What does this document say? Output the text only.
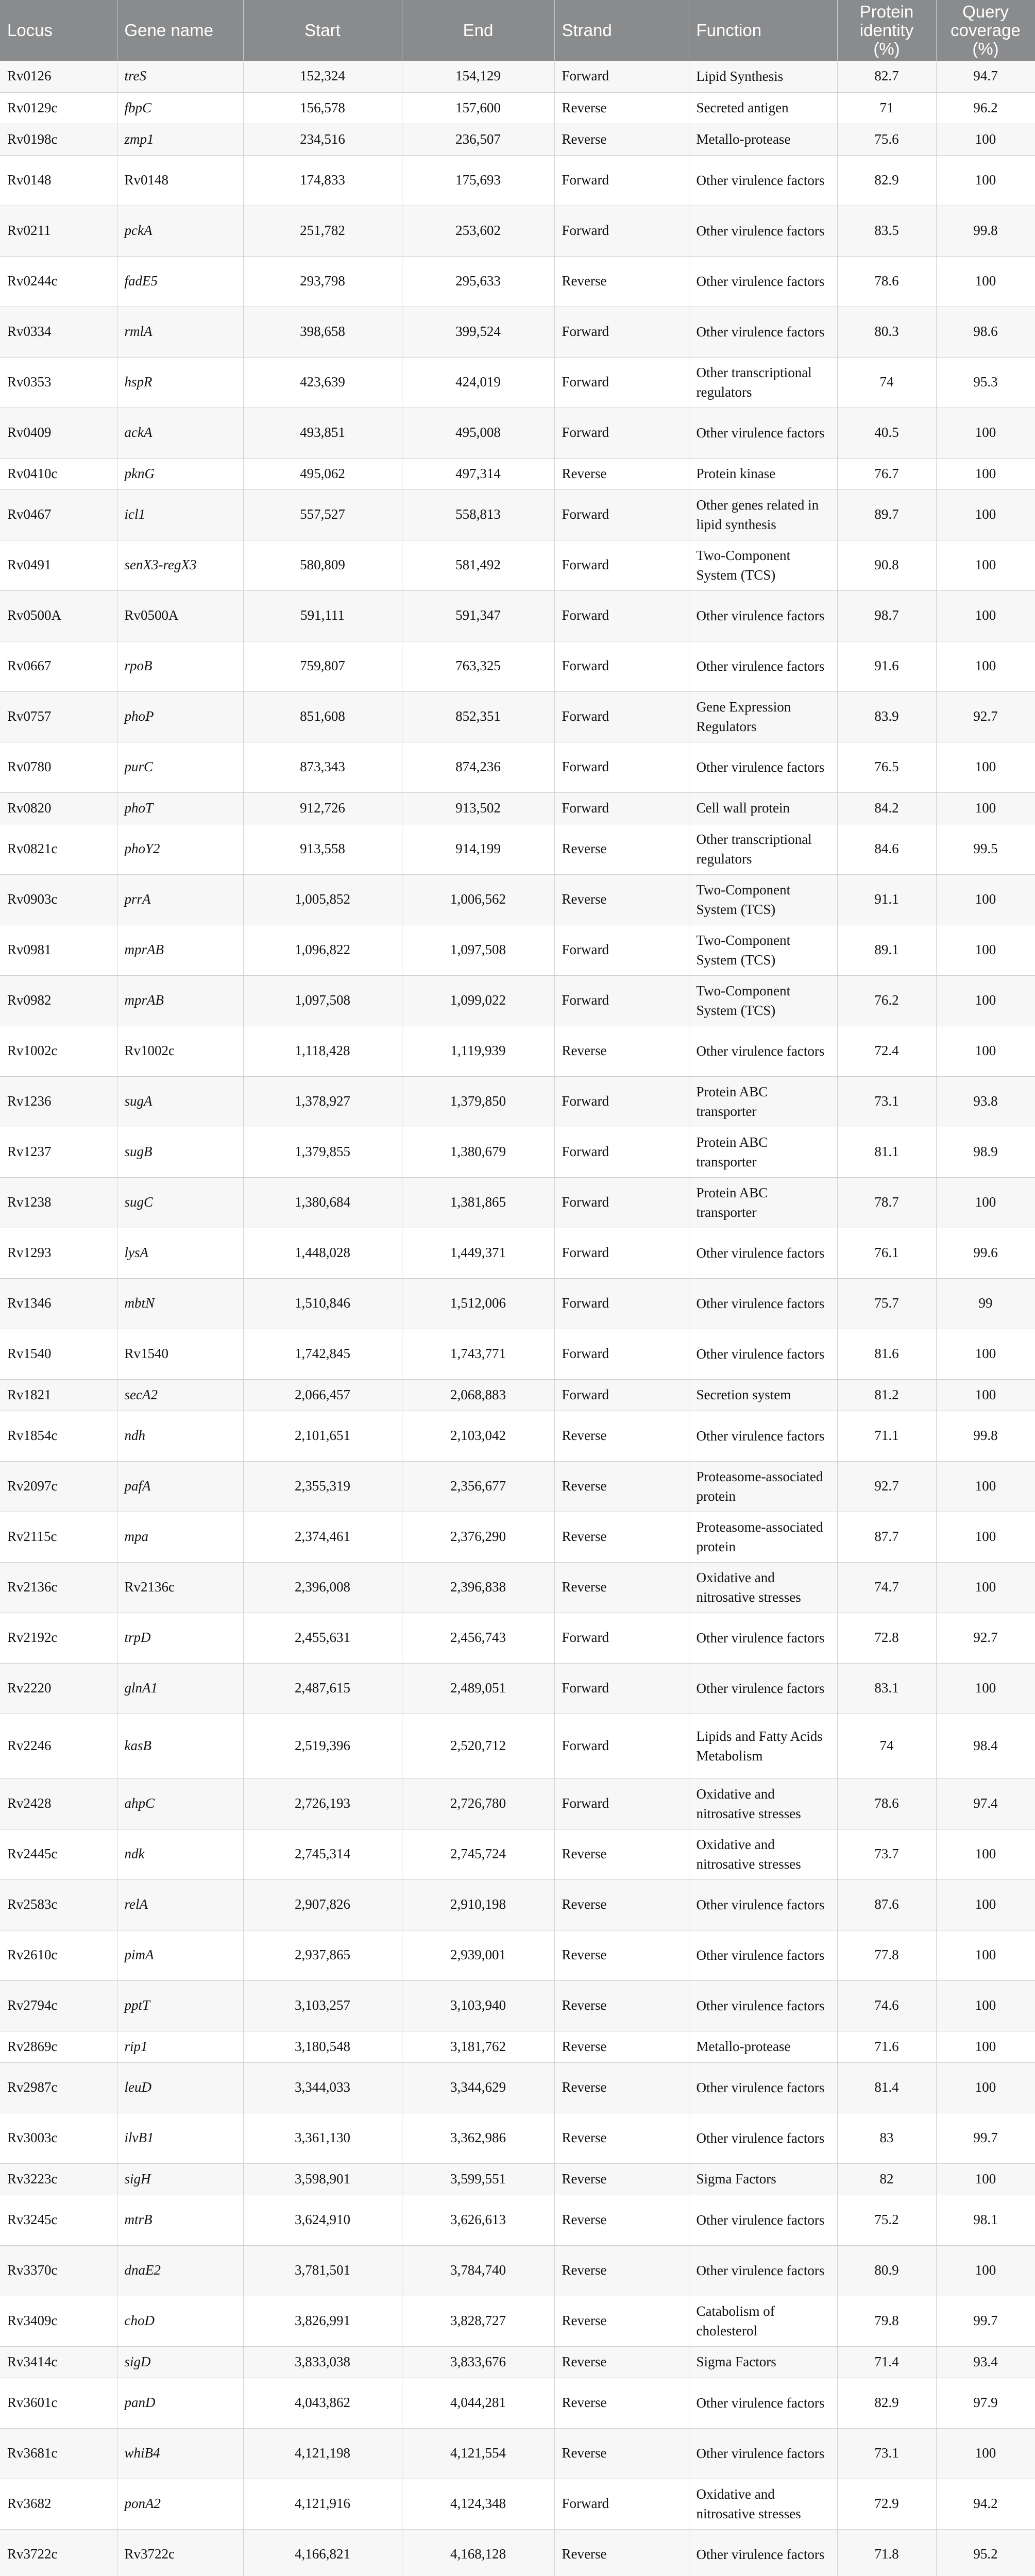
Locus	Gene name	Start	End	Strand	Function	Protein identity (%)	Query coverage (%)
Rv0126	treS	152,324	154,129	Forward	Lipid Synthesis	82.7	94.7
Rv0129c	fbpC	156,578	157,600	Reverse	Secreted antigen	71	96.2
Rv0198c	zmp1	234,516	236,507	Reverse	Metallo-protease	75.6	100
Rv0148	Rv0148	174,833	175,693	Forward	Other virulence factors	82.9	100
Rv0211	pckA	251,782	253,602	Forward	Other virulence factors	83.5	99.8
Rv0244c	fadE5	293,798	295,633	Reverse	Other virulence factors	78.6	100
Rv0334	rmlA	398,658	399,524	Forward	Other virulence factors	80.3	98.6
Rv0353	hspR	423,639	424,019	Forward	Other transcriptional regulators	74	95.3
Rv0409	ackA	493,851	495,008	Forward	Other virulence factors	40.5	100
Rv0410c	pknG	495,062	497,314	Reverse	Protein kinase	76.7	100
Rv0467	icl1	557,527	558,813	Forward	Other genes related in lipid synthesis	89.7	100
Rv0491	senX3-regX3	580,809	581,492	Forward	Two-Component System (TCS)	90.8	100
Rv0500A	Rv0500A	591,111	591,347	Forward	Other virulence factors	98.7	100
Rv0667	rpoB	759,807	763,325	Forward	Other virulence factors	91.6	100
Rv0757	phoP	851,608	852,351	Forward	Gene Expression Regulators	83.9	92.7
Rv0780	purC	873,343	874,236	Forward	Other virulence factors	76.5	100
Rv0820	phoT	912,726	913,502	Forward	Cell wall protein	84.2	100
Rv0821c	phoY2	913,558	914,199	Reverse	Other transcriptional regulators	84.6	99.5
Rv0903c	prrA	1,005,852	1,006,562	Reverse	Two-Component System (TCS)	91.1	100
Rv0981	mprAB	1,096,822	1,097,508	Forward	Two-Component System (TCS)	89.1	100
Rv0982	mprAB	1,097,508	1,099,022	Forward	Two-Component System (TCS)	76.2	100
Rv1002c	Rv1002c	1,118,428	1,119,939	Reverse	Other virulence factors	72.4	100
Rv1236	sugA	1,378,927	1,379,850	Forward	Protein ABC transporter	73.1	93.8
Rv1237	sugB	1,379,855	1,380,679	Forward	Protein ABC transporter	81.1	98.9
Rv1238	sugC	1,380,684	1,381,865	Forward	Protein ABC transporter	78.7	100
Rv1293	lysA	1,448,028	1,449,371	Forward	Other virulence factors	76.1	99.6
Rv1346	mbtN	1,510,846	1,512,006	Forward	Other virulence factors	75.7	99
Rv1540	Rv1540	1,742,845	1,743,771	Forward	Other virulence factors	81.6	100
Rv1821	secA2	2,066,457	2,068,883	Forward	Secretion system	81.2	100
Rv1854c	ndh	2,101,651	2,103,042	Reverse	Other virulence factors	71.1	99.8
Rv2097c	pafA	2,355,319	2,356,677	Reverse	Proteasome-associated protein	92.7	100
Rv2115c	mpa	2,374,461	2,376,290	Reverse	Proteasome-associated protein	87.7	100
Rv2136c	Rv2136c	2,396,008	2,396,838	Reverse	Oxidative and nitrosative stresses	74.7	100
Rv2192c	trpD	2,455,631	2,456,743	Forward	Other virulence factors	72.8	92.7
Rv2220	glnA1	2,487,615	2,489,051	Forward	Other virulence factors	83.1	100
Rv2246	kasB	2,519,396	2,520,712	Forward	Lipids and Fatty Acids Metabolism	74	98.4
Rv2428	ahpC	2,726,193	2,726,780	Forward	Oxidative and nitrosative stresses	78.6	97.4
Rv2445c	ndk	2,745,314	2,745,724	Reverse	Oxidative and nitrosative stresses	73.7	100
Rv2583c	relA	2,907,826	2,910,198	Reverse	Other virulence factors	87.6	100
Rv2610c	pimA	2,937,865	2,939,001	Reverse	Other virulence factors	77.8	100
Rv2794c	pptT	3,103,257	3,103,940	Reverse	Other virulence factors	74.6	100
Rv2869c	rip1	3,180,548	3,181,762	Reverse	Metallo-protease	71.6	100
Rv2987c	leuD	3,344,033	3,344,629	Reverse	Other virulence factors	81.4	100
Rv3003c	ilvB1	3,361,130	3,362,986	Reverse	Other virulence factors	83	99.7
Rv3223c	sigH	3,598,901	3,599,551	Reverse	Sigma Factors	82	100
Rv3245c	mtrB	3,624,910	3,626,613	Reverse	Other virulence factors	75.2	98.1
Rv3370c	dnaE2	3,781,501	3,784,740	Reverse	Other virulence factors	80.9	100
Rv3409c	choD	3,826,991	3,828,727	Reverse	Catabolism of cholesterol	79.8	99.7
Rv3414c	sigD	3,833,038	3,833,676	Reverse	Sigma Factors	71.4	93.4
Rv3601c	panD	4,043,862	4,044,281	Reverse	Other virulence factors	82.9	97.9
Rv3681c	whiB4	4,121,198	4,121,554	Reverse	Other virulence factors	73.1	100
Rv3682	ponA2	4,121,916	4,124,348	Forward	Oxidative and nitrosative stresses	72.9	94.2
Rv3722c	Rv3722c	4,166,821	4,168,128	Reverse	Other virulence factors	71.8	95.2
